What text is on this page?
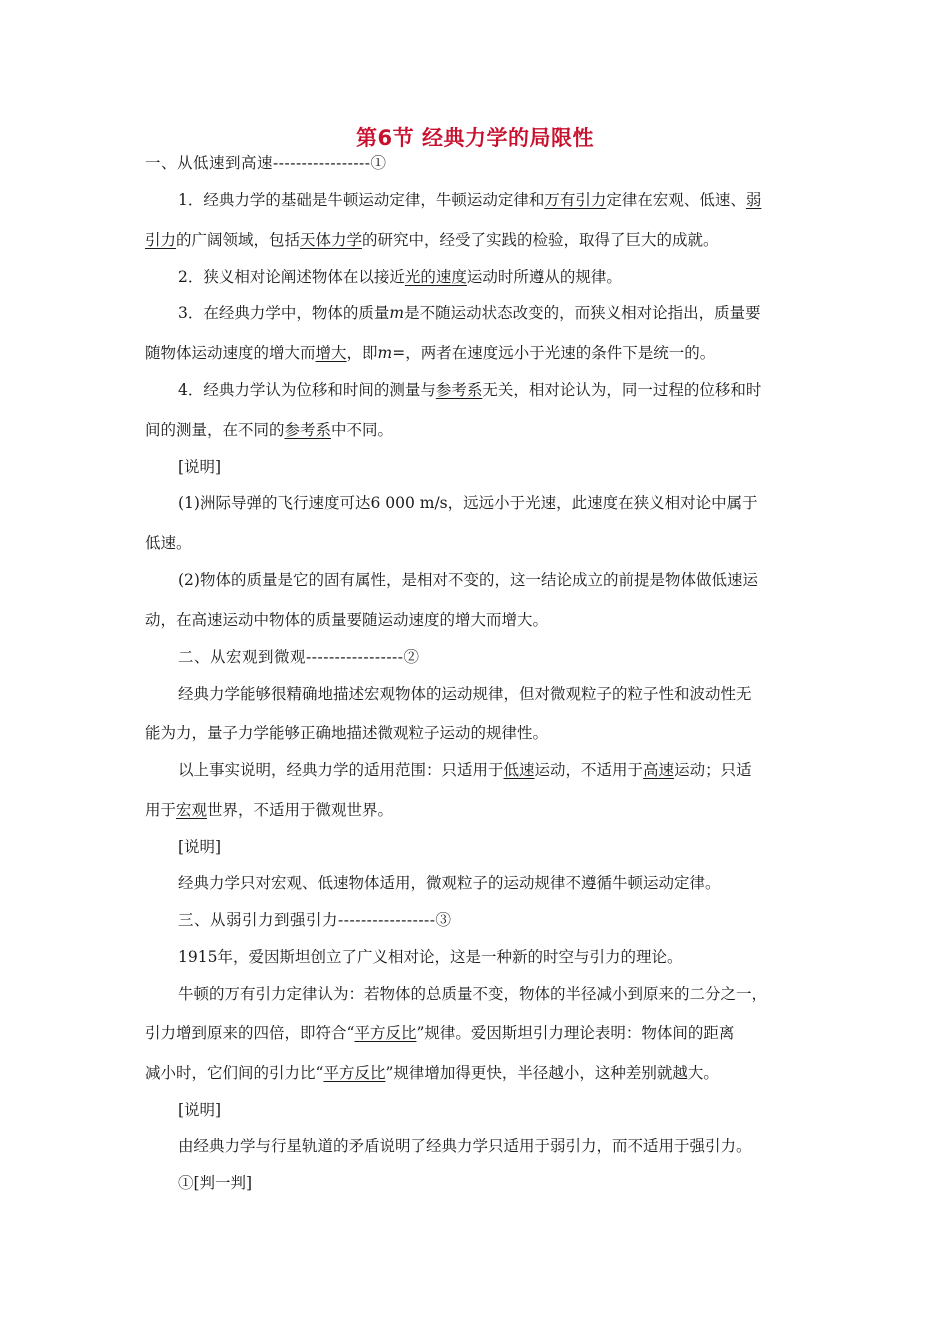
第6节 经典力学的局限性
一、从低速到高速-----------------①
1．经典力学的基础是牛顿运动定律，牛顿运动定律和万有引力定律在宏观、低速、弱
引力的广阔领域，包括天体力学的研究中，经受了实践的检验，取得了巨大的成就。
2．狭义相对论阐述物体在以接近光的速度运动时所遵从的规律。
3．在经典力学中，物体的质量m是不随运动状态改变的，而狭义相对论指出，质量要
随物体运动速度的增大而增大，即m=，两者在速度远小于光速的条件下是统一的。
4．经典力学认为位移和时间的测量与参考系无关，相对论认为，同一过程的位移和时
间的测量，在不同的参考系中不同。
[说明]
(1)洲际导弹的飞行速度可达6 000 m/s，远远小于光速，此速度在狭义相对论中属于
低速。
(2)物体的质量是它的固有属性，是相对不变的，这一结论成立的前提是物体做低速运
动，在高速运动中物体的质量要随运动速度的增大而增大。
二、从宏观到微观-----------------②
经典力学能够很精确地描述宏观物体的运动规律，但对微观粒子的粒子性和波动性无
能为力，量子力学能够正确地描述微观粒子运动的规律性。
以上事实说明，经典力学的适用范围：只适用于低速运动，不适用于高速运动；只适
用于宏观世界，不适用于微观世界。
[说明]
经典力学只对宏观、低速物体适用，微观粒子的运动规律不遵循牛顿运动定律。
三、从弱引力到强引力-----------------③
1915年，爱因斯坦创立了广义相对论，这是一种新的时空与引力的理论。
牛顿的万有引力定律认为：若物体的总质量不变，物体的半径减小到原来的二分之一，
引力增到原来的四倍，即符合“平方反比”规律。爱因斯坦引力理论表明：物体间的距离
减小时，它们间的引力比“平方反比”规律增加得更快，半径越小，这种差别就越大。
[说明]
由经典力学与行星轨道的矛盾说明了经典力学只适用于弱引力，而不适用于强引力。
①[判一判]
